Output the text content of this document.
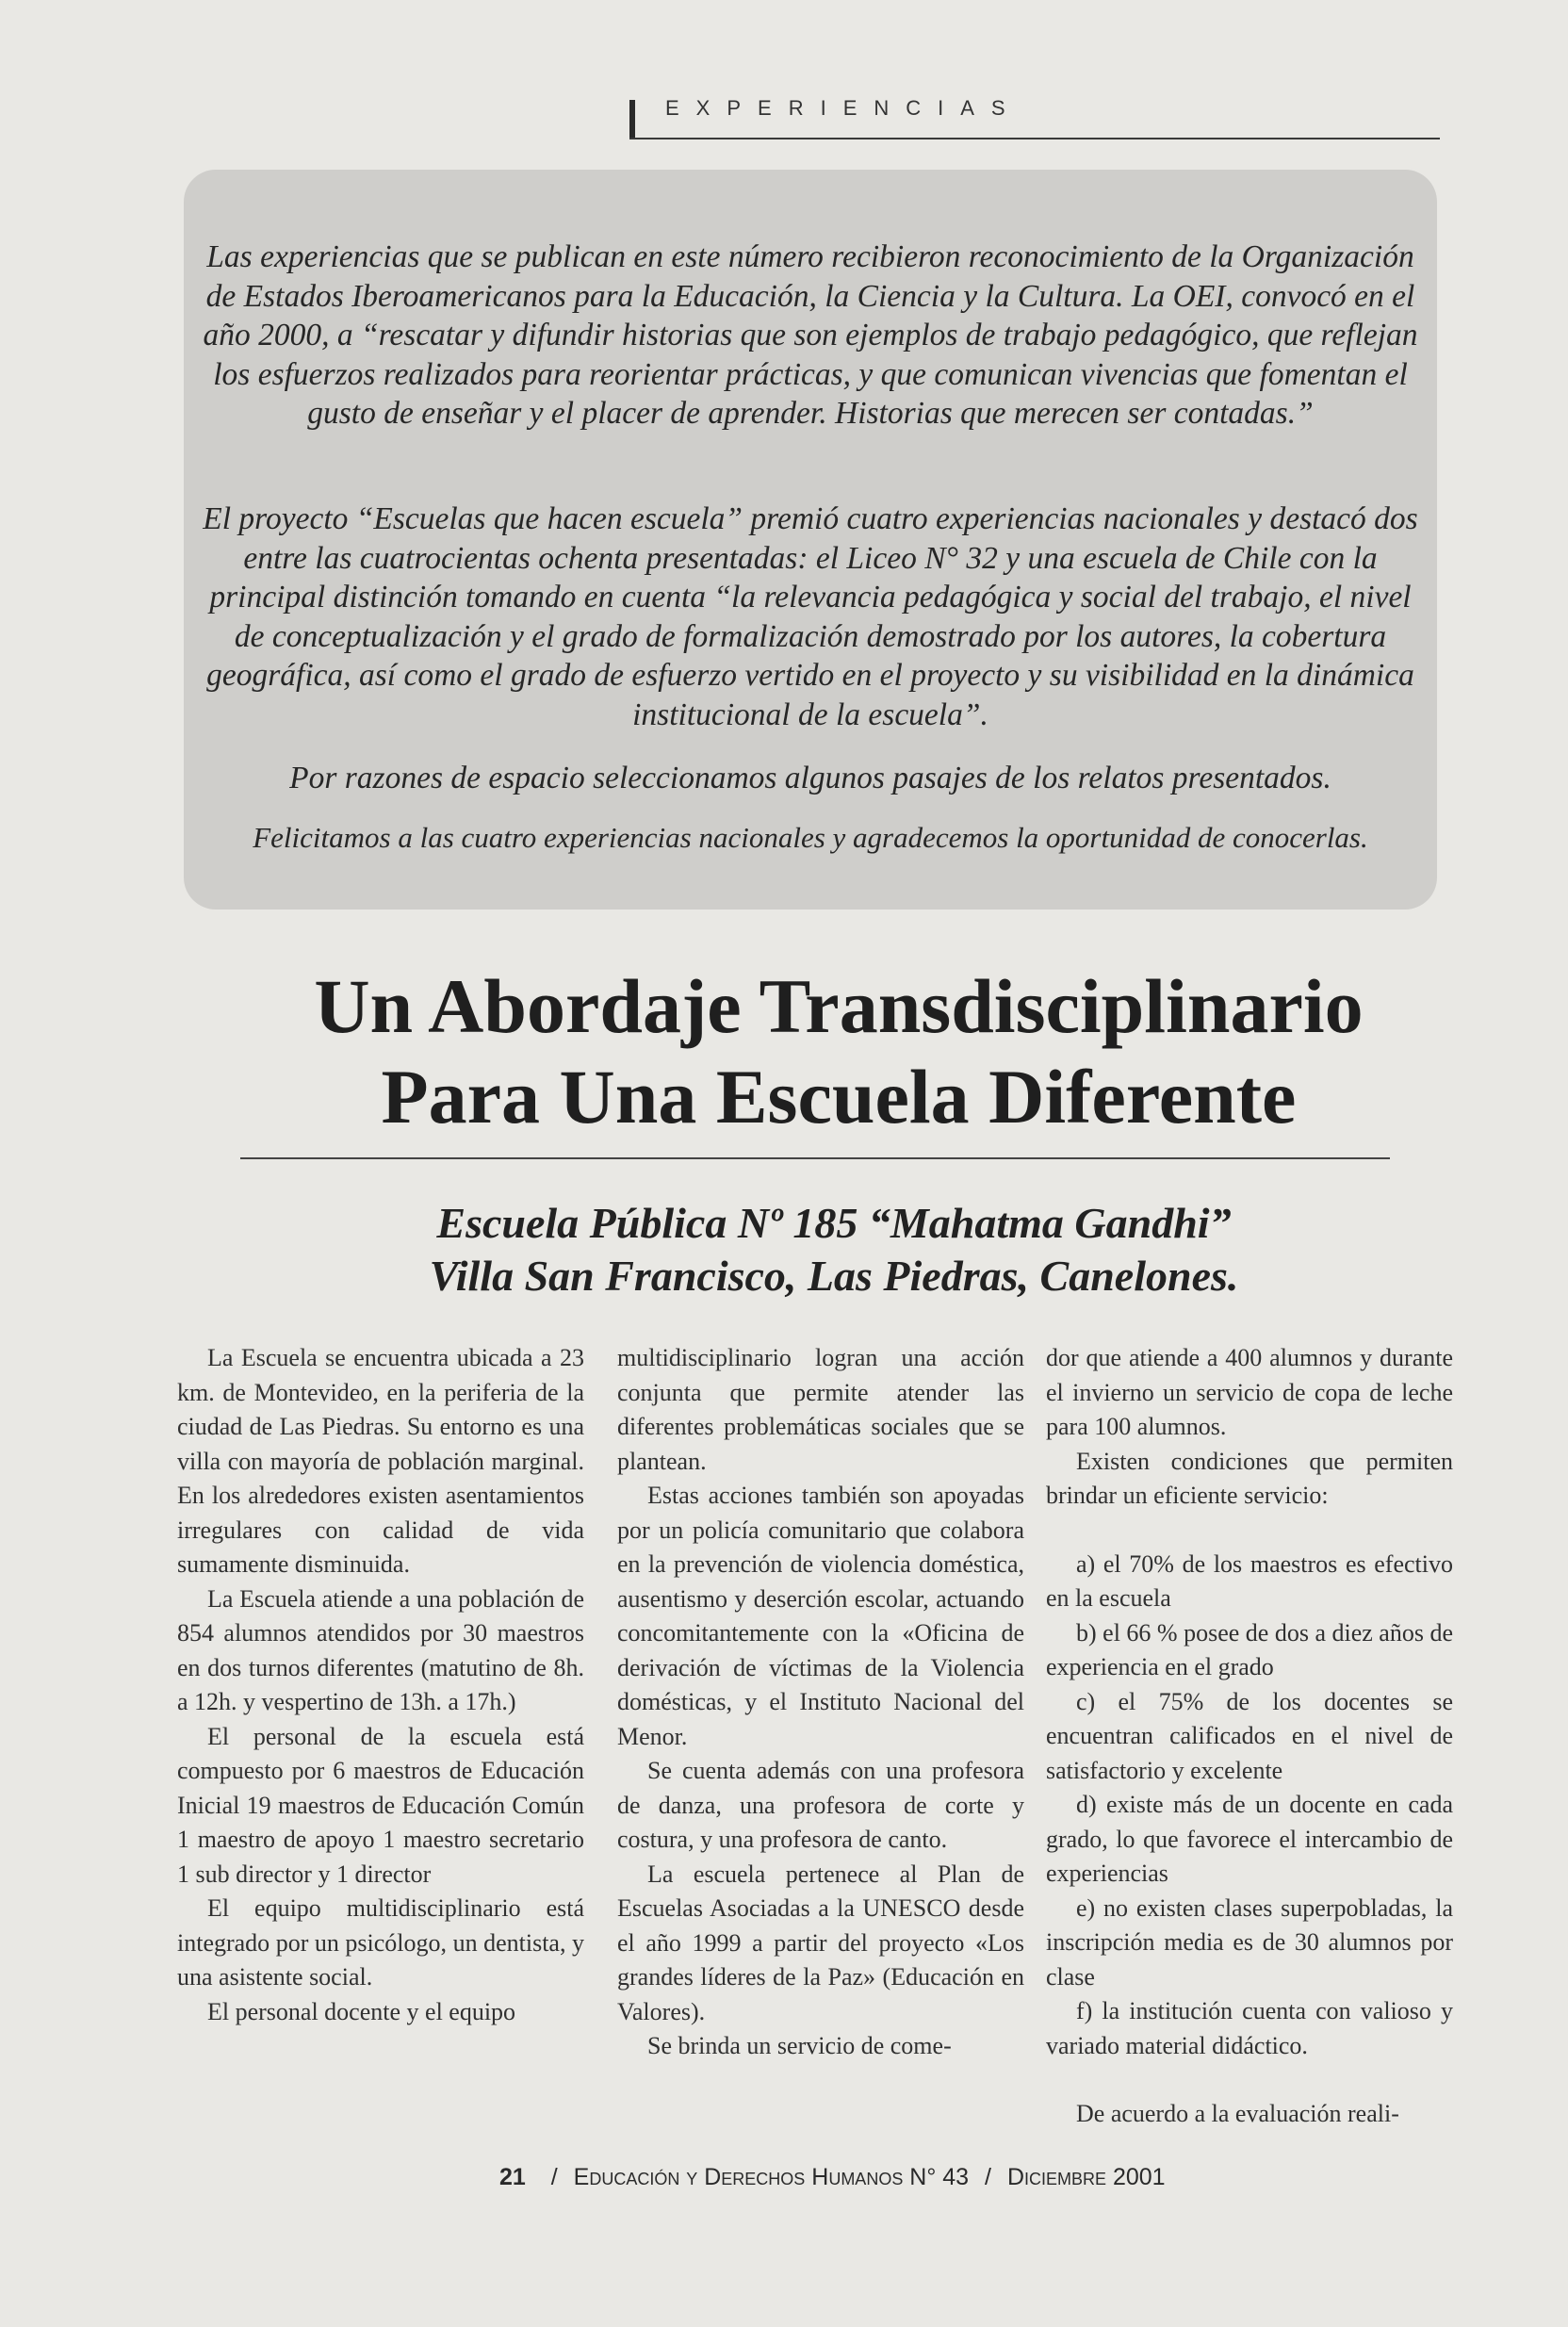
EXPERIENCIAS

Las experiencias que se publican en este número recibieron reconocimiento de la Organización de Estados Iberoamericanos para la Educación, la Ciencia y la Cultura. La OEI, convocó en el año 2000, a “rescatar y difundir historias que son ejemplos de trabajo pedagógico, que reflejan los esfuerzos realizados para reorientar prácticas, y que comunican vivencias que fomentan el gusto de enseñar y el placer de aprender. Historias que merecen ser contadas.”

El proyecto “Escuelas que hacen escuela” premió cuatro experiencias nacionales y destacó dos entre las cuatrocientas ochenta presentadas: el Liceo N° 32 y una escuela de Chile con la principal distinción tomando en cuenta “la relevancia pedagógica y social del trabajo, el nivel de conceptualización y el grado de formalización demostrado por los autores, la cobertura geográfica, así como el grado de esfuerzo vertido en el proyecto y su visibilidad en la dinámica institucional de la escuela”.

Por razones de espacio seleccionamos algunos pasajes de los relatos presentados.

Felicitamos a las cuatro experiencias nacionales y agradecemos la oportunidad de conocerlas.

Un Abordaje Transdisciplinario
Para Una Escuela Diferente
Escuela Pública Nº 185 “Mahatma Gandhi”
Villa San Francisco, Las Piedras, Canelones.

La Escuela se encuentra ubicada a 23 km. de Montevideo, en la periferia de la ciudad de Las Piedras. Su entorno es una villa con mayoría de población marginal. En los alrededores existen asentamientos irregulares con calidad de vida sumamente disminuida.

La Escuela atiende a una población de 854 alumnos atendidos por 30 maestros en dos turnos diferentes (matutino de 8h. a 12h. y vespertino de 13h. a 17h.)

El personal de la escuela está compuesto por 6 maestros de Educación Inicial 19 maestros de Educación Común 1 maestro de apoyo 1 maestro secretario 1 sub director y 1 director

El equipo multidisciplinario está integrado por un psicólogo, un dentista, y una asistente social.

El personal docente y el equipo

multidisciplinario logran una acción conjunta que permite atender las diferentes problemáticas sociales que se plantean.

Estas acciones también son apoyadas por un policía comunitario que colabora en la prevención de violencia doméstica, ausentismo y deserción escolar, actuando concomitantemente con la «Oficina de derivación de víctimas de la Violencia domésticas, y el Instituto Nacional del Menor.

Se cuenta además con una profesora de danza, una profesora de corte y costura, y una profesora de canto.

La escuela pertenece al Plan de Escuelas Asociadas a la UNESCO desde el año 1999 a partir del proyecto «Los grandes líderes de la Paz» (Educación en Valores).

Se brinda un servicio de come-

dor que atiende a 400 alumnos y durante el invierno un servicio de copa de leche para 100 alumnos.

Existen condiciones que permiten brindar un eficiente servicio:

a) el 70% de los maestros es efectivo en la escuela

b) el 66 % posee de dos a diez años de experiencia en el grado

c) el 75% de los docentes se encuentran calificados en el nivel de satisfactorio y excelente

d) existe más de un docente en cada grado, lo que favorece el intercambio de experiencias

e) no existen clases superpobladas, la inscripción media es de 30 alumnos por clase

f) la institución cuenta con valioso y variado material didáctico.

De acuerdo a la evaluación reali-

21 / Educación y Derechos Humanos N° 43 / Diciembre 2001
